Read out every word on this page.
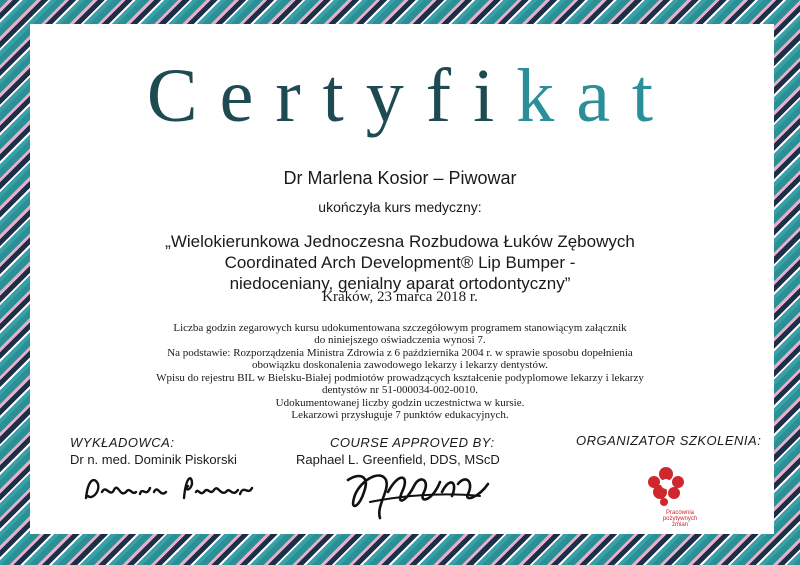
Certyfikat
Dr Marlena Kosior – Piwowar
ukończyła kurs medyczny:
„Wielokierunkowa Jednoczesna Rozbudowa Łuków Zębowych
Coordinated Arch Development® Lip Bumper -
niedoceniany, genialny aparat ortodontyczny”
Kraków, 23 marca 2018 r.
Liczba godzin zegarowych kursu udokumentowana szczegółowym programem stanowiącym załącznik
do niniejszego oświadczenia wynosi 7.
Na podstawie: Rozporządzenia Ministra Zdrowia z 6 października 2004 r. w sprawie sposobu dopełnienia
obowiązku doskonalenia zawodowego lekarzy i lekarzy dentystów.
Wpisu do rejestru BIL w Bielsku-Białej podmiotów prowadzących kształcenie podyplomowe lekarzy i lekarzy
dentystów nr 51-000034-002-0010.
Udokumentowanej liczby godzin uczestnictwa w kursie.
Lekarzowi przysługuje 7 punktów edukacyjnych.
WYKŁADOWCA:
Dr n. med. Dominik Piskorski
COURSE APPROVED BY:
Raphael L. Greenfield, DDS, MScD
ORGANIZATOR SZKOLENIA:
Pracownia pozytywnych zmian
